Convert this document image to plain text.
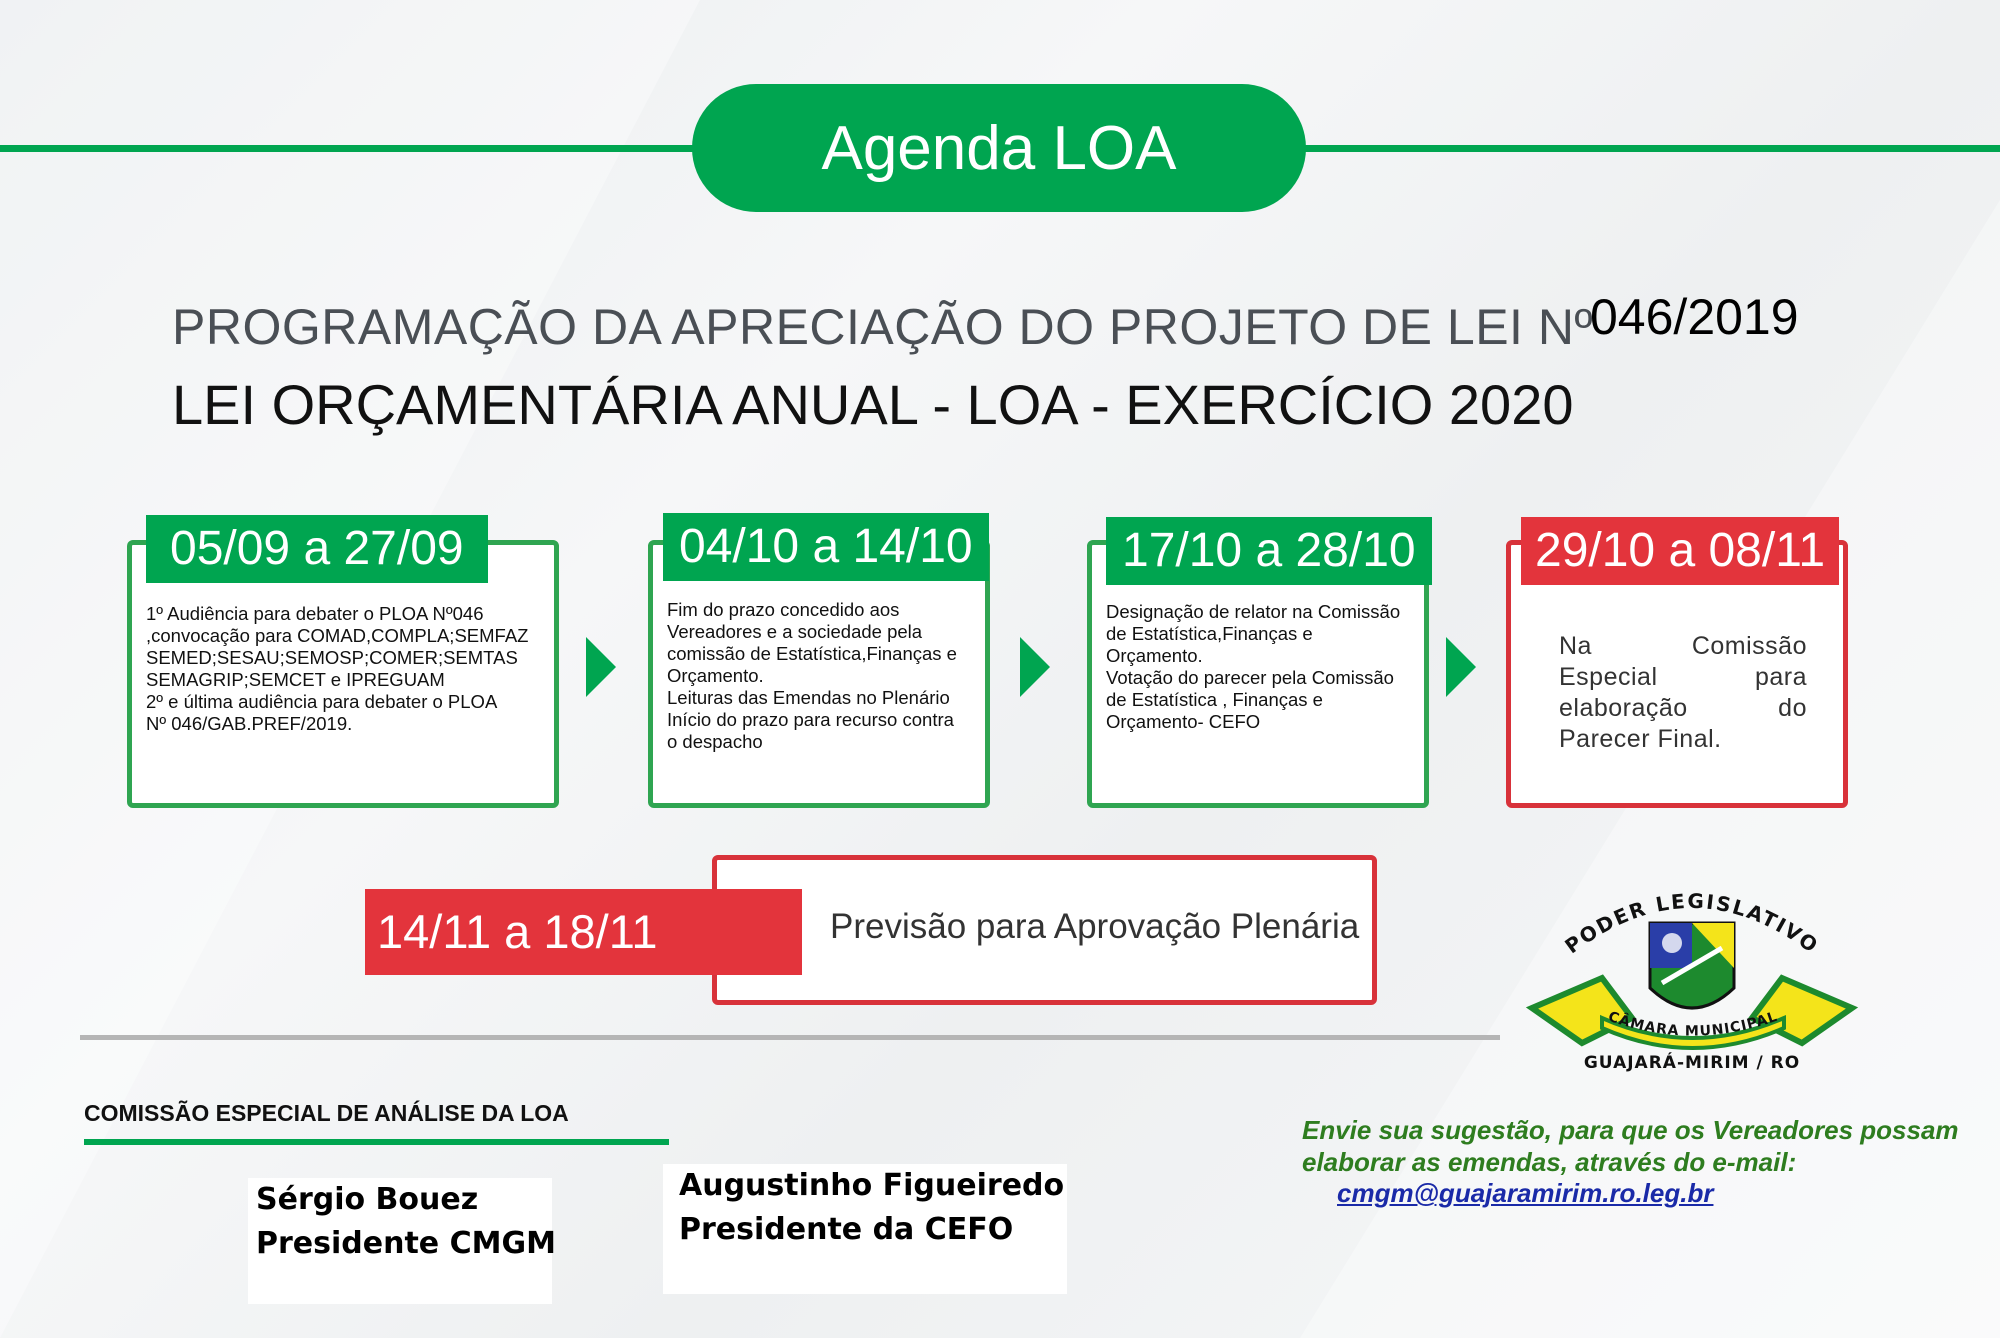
Agenda LOA
PROGRAMAÇÃO DA APRECIAÇÃO DO PROJETO DE LEI Nº
046/2019
LEI ORÇAMENTÁRIA ANUAL - LOA - EXERCÍCIO 2020
05/09 a 27/09
1º Audiência para debater o PLOA Nº046
,convocação para COMAD,COMPLA;SEMFAZ
SEMED;SESAU;SEMOSP;COMER;SEMTAS
SEMAGRIP;SEMCET e IPREGUAM
2º e última audiência para debater o PLOA
Nº 046/GAB.PREF/2019.
04/10 a 14/10
Fim do prazo concedido aos
Vereadores e a sociedade pela
comissão de Estatística,Finanças e
Orçamento.
Leituras das Emendas no Plenário
Início do prazo para recurso contra
o despacho
17/10 a 28/10
Designação de relator na Comissão
de Estatística,Finanças e
Orçamento.
Votação do parecer pela Comissão
de Estatística , Finanças e
Orçamento- CEFO
29/10 a 08/11
Na Comissão Especial para elaboração do Parecer Final.
Previsão para Aprovação Plenária
14/11 a 18/11	PODER LEGISLATIVO
CÂMARA MUNICIPAL
GUAJARÁ-MIRIM / RO
COMISSÃO ESPECIAL DE ANÁLISE DA LOA
Sérgio Bouez
Presidente CMGM
Augustinho Figueiredo
Presidente da CEFO
Envie sua sugestão, para que os Vereadores possam
elaborar as emendas, através do e-mail:
cmgm@guajaramirim.ro.leg.br
